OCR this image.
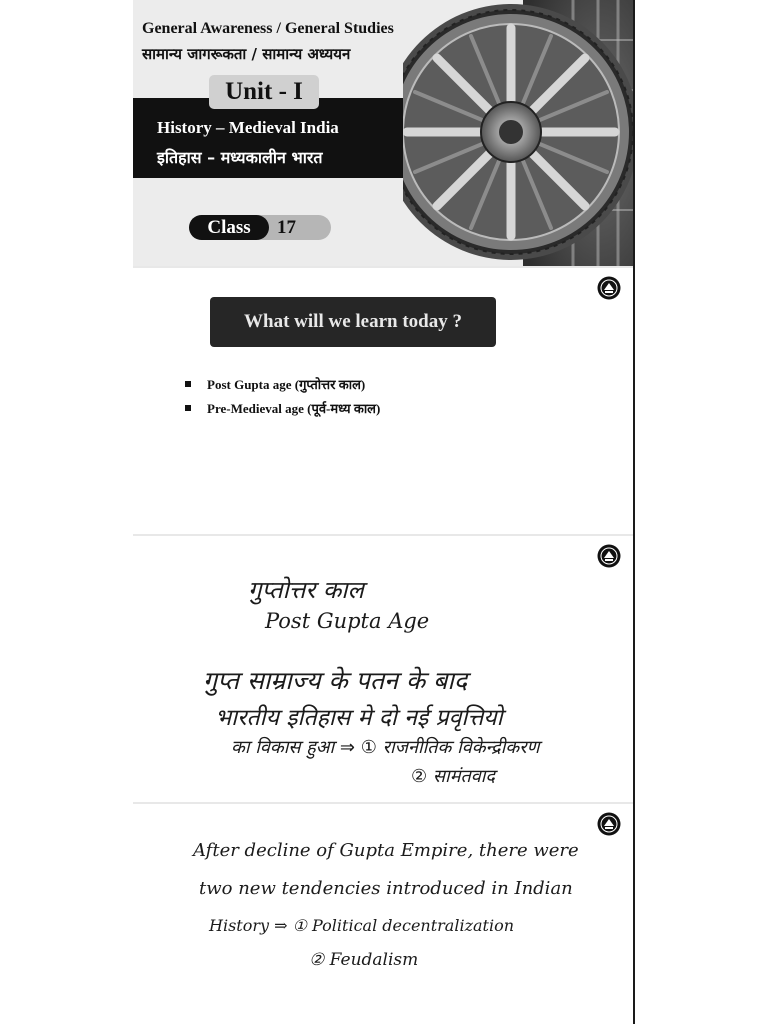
General Awareness / General Studies
सामान्य जागरूकता / सामान्य अध्ययन
Unit - I
History – Medieval India
इतिहास – मध्यकालीन भारत
Class	17
What will we learn today ?
Post Gupta age (गुप्तोत्तर काल)
Pre-Medieval age (पूर्व-मध्य काल)
गुप्तोत्तर काल
Post Gupta Age
गुप्त साम्राज्य के पतन के बाद
भारतीय इतिहास मे दो नई प्रवृत्तियो
का विकास हुआ ⇒ ① राजनीतिक विकेन्द्रीकरण
② सामंतवाद
After decline of Gupta Empire, there were
two new tendencies introduced in Indian
History ⇒ ① Political decentralization
② Feudalism
